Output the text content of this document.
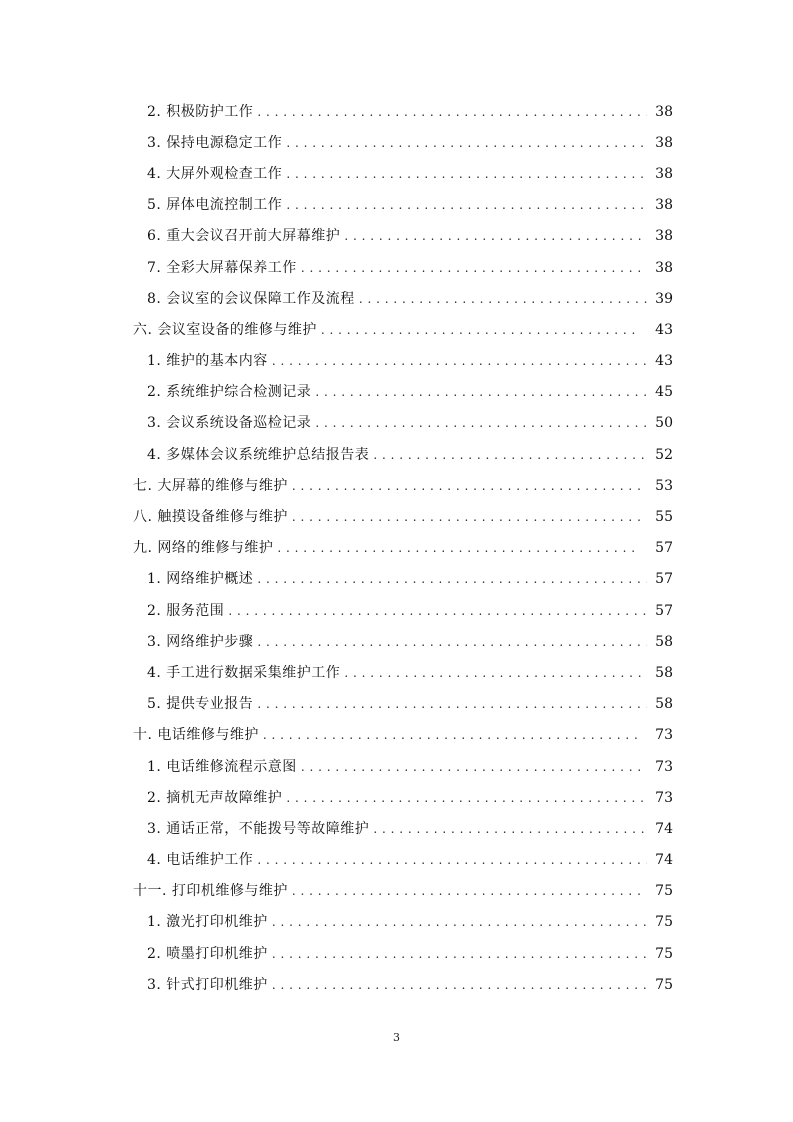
2. 积极防护工作 . . .	38
3. 保持电源稳定工作 . . .	38
4. 大屏外观检查工作 . . .	38
5. 屏体电流控制工作 . . .	38
6. 重大会议召开前大屏幕维护 . . .	38
7. 全彩大屏幕保养工作 . . .	38
8. 会议室的会议保障工作及流程 . . .	39
六. 会议室设备的维修与维护 . . .	43
1. 维护的基本内容 . . .	43
2. 系统维护综合检测记录 . . .	45
3. 会议系统设备巡检记录 . . .	50
4. 多媒体会议系统维护总结报告表 . . .	52
七. 大屏幕的维修与维护 . . .	53
八. 触摸设备维修与维护 . . .	55
九. 网络的维修与维护 . . .	57
1. 网络维护概述 . . .	57
2. 服务范围 . . .	57
3. 网络维护步骤 . . .	58
4. 手工进行数据采集维护工作 . . .	58
5. 提供专业报告 . . .	58
十. 电话维修与维护 . . .	73
1. 电话维修流程示意图 . . .	73
2. 摘机无声故障维护 . . .	73
3. 通话正常，不能拨号等故障维护 . . .	74
4. 电话维护工作 . . .	74
十一. 打印机维修与维护 . . .	75
1. 激光打印机维护 . . .	75
2. 喷墨打印机维护 . . .	75
3. 针式打印机维护 . . .	75
3
